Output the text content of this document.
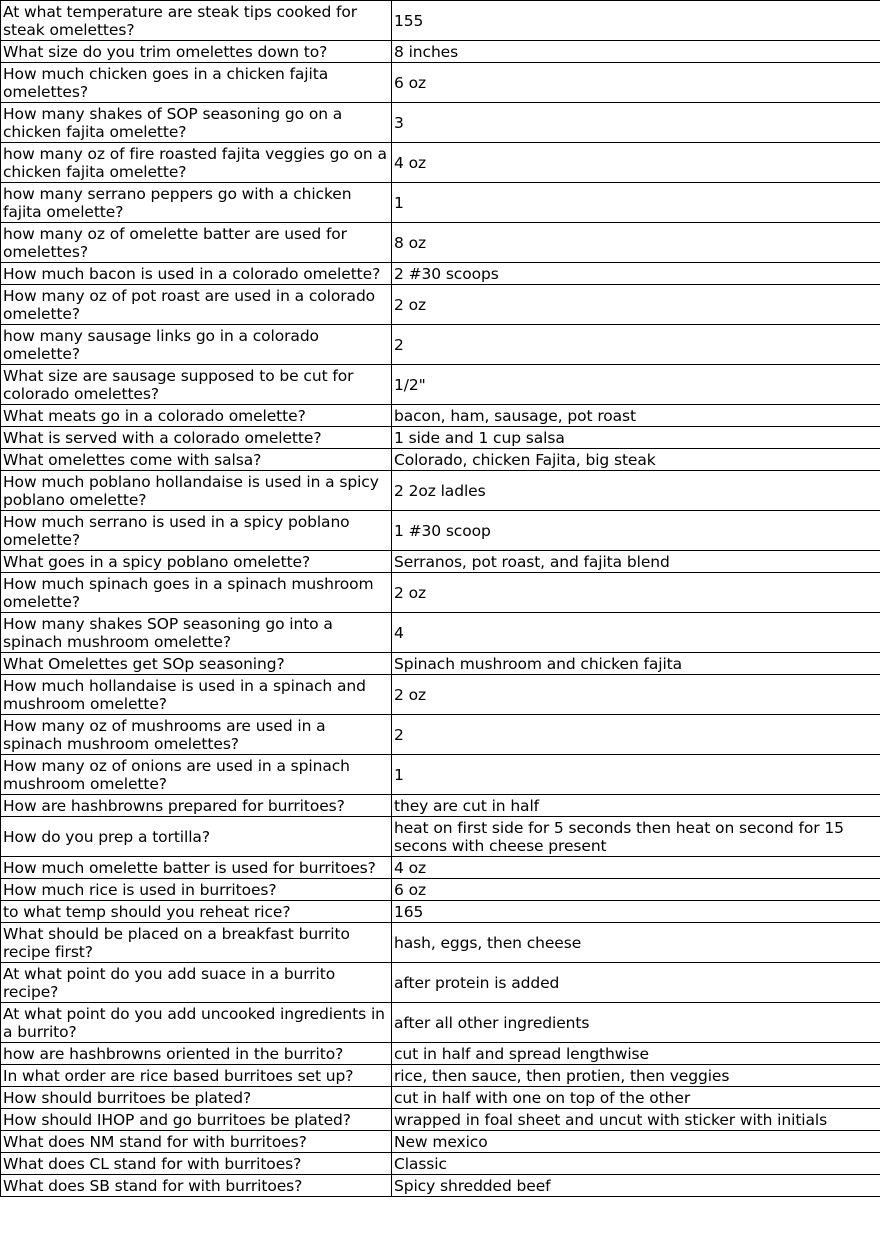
At what temperature are steak tips cooked for steak omelettes?	155
What size do you trim omelettes down to?	8 inches
How much chicken goes in a chicken fajita omelettes?	6 oz
How many shakes of SOP seasoning go on a chicken fajita omelette?	3
how many oz of fire roasted fajita veggies go on a chicken fajita omelette?	4 oz
how many serrano peppers go with a chicken fajita omelette?	1
how many oz of omelette batter are used for omelettes?	8 oz
How much bacon is used in a colorado omelette?	2 #30 scoops
How many oz of pot roast are used in a colorado omelette?	2 oz
how many sausage links go in a colorado omelette?	2
What size are sausage supposed to be cut for colorado omelettes?	1/2"
What meats go in a colorado omelette?	bacon, ham, sausage, pot roast
What is served with a colorado omelette?	1 side and 1 cup salsa
What omelettes come with salsa?	Colorado, chicken Fajita, big steak
How much poblano hollandaise is used in a spicy poblano omelette?	2 2oz ladles
How much serrano is used in a spicy poblano omelette?	1 #30 scoop
What goes in a spicy poblano omelette?	Serranos, pot roast, and fajita blend
How much spinach goes in a spinach mushroom omelette?	2 oz
How many shakes SOP seasoning go into a spinach mushroom omelette?	4
What Omelettes get SOp seasoning?	Spinach mushroom and chicken fajita
How much hollandaise is used in a spinach and mushroom omelette?	2 oz
How many oz of mushrooms are used in a spinach mushroom omelettes?	2
How many oz of onions are used in a spinach mushroom omelette?	1
How are hashbrowns prepared for burritoes?	they are cut in half
How do you prep a tortilla?	heat on first side for 5 seconds then heat on second for 15 secons with cheese present
How much omelette batter is used for burritoes?	4 oz
How much rice is used in burritoes?	6 oz
to what temp should you reheat rice?	165
What should be placed on a breakfast burrito recipe first?	hash, eggs, then cheese
At what point do you add suace in a burrito recipe?	after protein is added
At what point do you add uncooked ingredients in a burrito?	after all other ingredients
how are hashbrowns oriented in the burrito?	cut in half and spread lengthwise
In what order are rice based burritoes set up?	rice, then sauce, then protien, then veggies
How should burritoes be plated?	cut in half with one on top of the other
How should IHOP and go burritoes be plated?	wrapped in foal sheet and uncut with sticker with initials
What does NM stand for with burritoes?	New mexico
What does CL stand for with burritoes?	Classic
What does SB stand for with burritoes?	Spicy shredded beef
